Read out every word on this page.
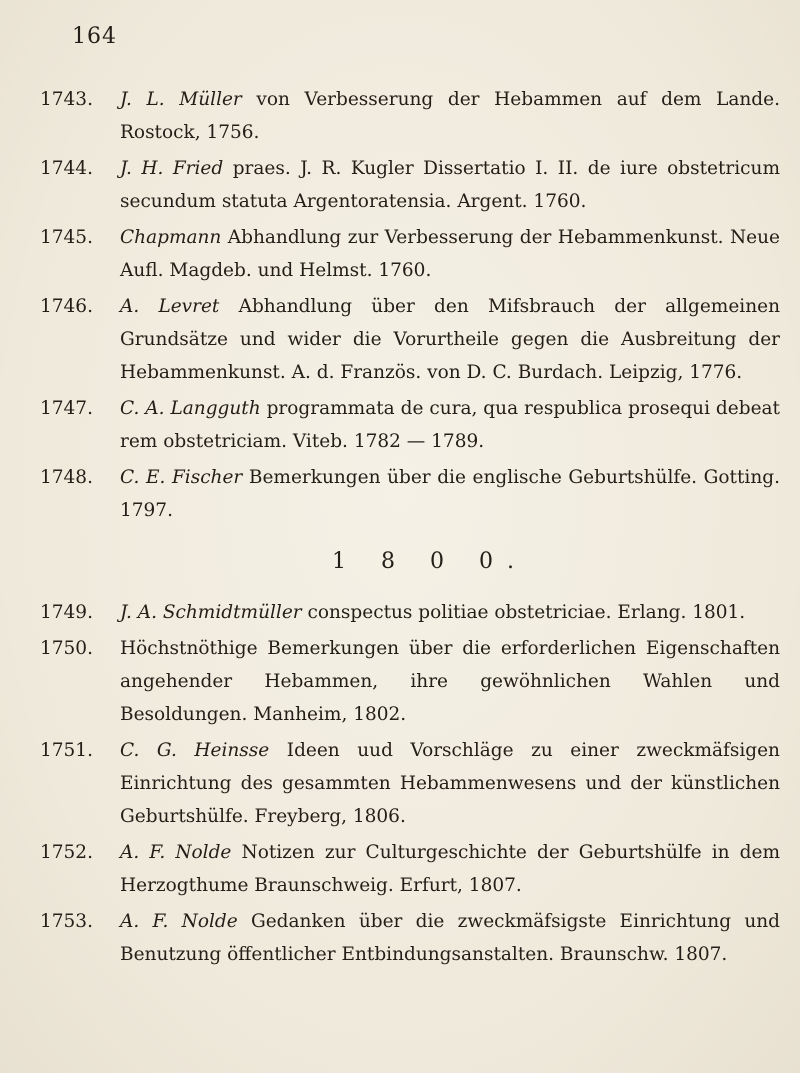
164
1743.	J. L. Müller von Verbesserung der Hebammen auf dem Lande. Rostock, 1756.
1744.	J. H. Fried praes. J. R. Kugler Dissertatio I. II. de iure obstetricum secundum statuta Argentoratensia. Argent. 1760.
1745.	Chapmann Abhandlung zur Verbesserung der Hebammenkunst. Neue Aufl. Magdeb. und Helmst. 1760.
1746.	A. Levret Abhandlung über den Mifsbrauch der allgemeinen Grundsätze und wider die Vorurtheile gegen die Ausbreitung der Hebammenkunst. A. d. Französ. von D. C. Burdach. Leipzig, 1776.
1747.	C. A. Langguth programmata de cura, qua respublica prosequi debeat rem obstetriciam. Viteb. 1782 — 1789.
1748.	C. E. Fischer Bemerkungen über die englische Geburtshülfe. Gotting. 1797.
1 8 0 0.
1749.	J. A. Schmidtmüller conspectus politiae obstetriciae. Erlang. 1801.
1750.	Höchstnöthige Bemerkungen über die erforderlichen Eigenschaften angehender Hebammen, ihre gewöhnlichen Wahlen und Besoldungen. Manheim, 1802.
1751.	C. G. Heinsse Ideen uud Vorschläge zu einer zweckmäfsigen Einrichtung des gesammten Hebammenwesens und der künstlichen Geburtshülfe. Freyberg, 1806.
1752.	A. F. Nolde Notizen zur Culturgeschichte der Geburtshülfe in dem Herzogthume Braunschweig. Erfurt, 1807.
1753.	A. F. Nolde Gedanken über die zweckmäfsigste Einrichtung und Benutzung öffentlicher Entbindungsanstalten. Braunschw. 1807.
